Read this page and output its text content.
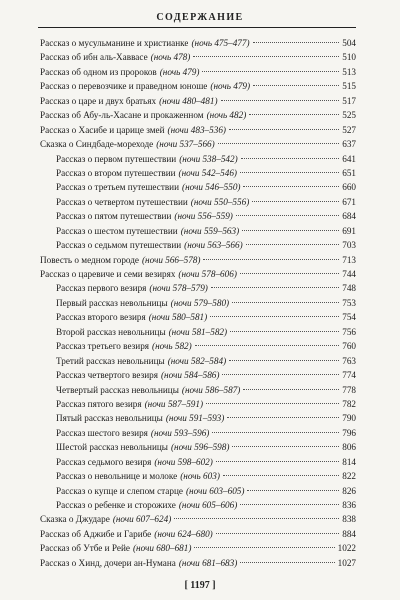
СОДЕРЖАНИЕ
Рассказ о мусульманине и христианке (ночь 475–477)	504
Рассказ об ибн аль-Хаввасе (ночь 478)	510
Рассказ об одном из пророков (ночь 479)	513
Рассказ о перевозчике и праведном юноше (ночь 479)	515
Рассказ о царе и двух братьях (ночи 480–481)	517
Рассказ об Абу-ль-Хасане и прокаженном (ночь 482)	525
Рассказ о Хасибе и царице змей (ночи 483–536)	527
Сказка о Синдбаде-мореходе (ночи 537–566)	637
Рассказ о первом путешествии (ночи 538–542)	641
Рассказ о втором путешествии (ночи 542–546)	651
Рассказ о третьем путешествии (ночи 546–550)	660
Рассказ о четвертом путешествии (ночи 550–556)	671
Рассказ о пятом путешествии (ночи 556–559)	684
Рассказ о шестом путешествии (ночи 559–563)	691
Рассказ о седьмом путешествии (ночи 563–566)	703
Повесть о медном городе (ночи 566–578)	713
Рассказ о царевиче и семи везирях (ночи 578–606)	744
Рассказ первого везиря (ночи 578–579)	748
Первый рассказ невольницы (ночи 579–580)	753
Рассказ второго везиря (ночи 580–581)	754
Второй рассказ невольницы (ночи 581–582)	756
Рассказ третьего везиря (ночь 582)	760
Третий рассказ невольницы (ночи 582–584)	763
Рассказ четвертого везиря (ночи 584–586)	774
Четвертый рассказ невольницы (ночи 586–587)	778
Рассказ пятого везиря (ночи 587–591)	782
Пятый рассказ невольницы (ночи 591–593)	790
Рассказ шестого везиря (ночи 593–596)	796
Шестой рассказ невольницы (ночи 596–598)	806
Рассказ седьмого везиря (ночи 598–602)	814
Рассказ о невольнице и молоке (ночь 603)	822
Рассказ о купце и слепом старце (ночи 603–605)	826
Рассказ о ребенке и сторожихе (ночи 605–606)	836
Сказка о Джударе (ночи 607–624)	838
Рассказ об Аджибе и Гарибе (ночи 624–680)	884
Рассказ об Утбе и Рейе (ночи 680–681)	1022
Рассказ о Хинд, дочери ан-Нумана (ночи 681–683)	1027
[ 1197 ]
